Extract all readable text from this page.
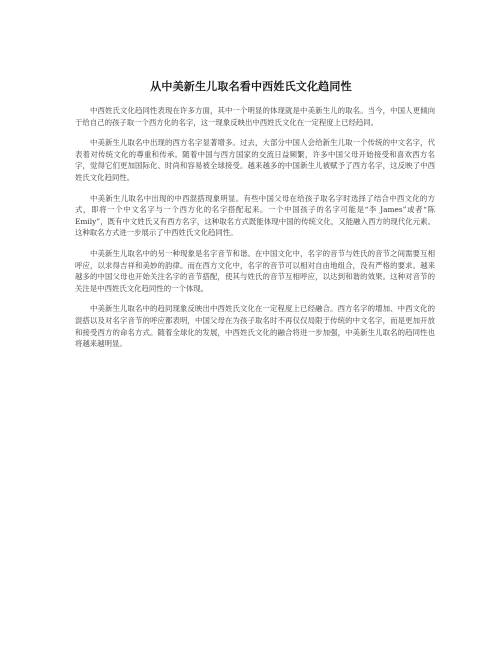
从中美新生儿取名看中西姓氏文化趋同性

中西姓氏文化趋同性表现在许多方面，其中一个明显的体现就是中美新生儿的取名。当今，中国人更倾向于给自己的孩子取一个西方化的名字，这一现象反映出中西姓氏文化在一定程度上已经趋同。

中美新生儿取名中出现的西方名字显著增多。过去，大部分中国人会给新生儿取一个传统的中文名字，代表着对传统文化的尊重和传承。随着中国与西方国家的交流日益频繁，许多中国父母开始接受和喜欢西方名字，觉得它们更加国际化、时尚和容易被全球接受。越来越多的中国新生儿被赋予了西方名字，这反映了中西姓氏文化趋同性。

中美新生儿取名中出现的中西混搭现象明显。有些中国父母在给孩子取名字时选择了结合中西文化的方式，即将一个中文名字与一个西方化的名字搭配起来。一个中国孩子的名字可能是“李 James”或者“陈 Emily”，既有中文姓氏又有西方名字，这种取名方式既能体现中国的传统文化，又能融入西方的现代化元素。这种取名方式进一步展示了中西姓氏文化趋同性。

中美新生儿取名中的另一种现象是名字音节和谐。在中国文化中，名字的音节与姓氏的音节之间需要互相呼应，以求得吉祥和美妙的韵律。而在西方文化中，名字的音节可以相对自由地组合，没有严格的要求。越来越多的中国父母也开始关注名字的音节搭配，使其与姓氏的音节互相呼应，以达到和谐的效果。这种对音节的关注是中西姓氏文化趋同性的一个体现。

中美新生儿取名中的趋同现象反映出中西姓氏文化在一定程度上已经融合。西方名字的增加、中西文化的混搭以及对名字音节的呼应都表明，中国父母在为孩子取名时不再仅仅局限于传统的中文名字，而是更加开放和接受西方的命名方式。随着全球化的发展，中西姓氏文化的融合将进一步加强，中美新生儿取名的趋同性也将越来越明显。
